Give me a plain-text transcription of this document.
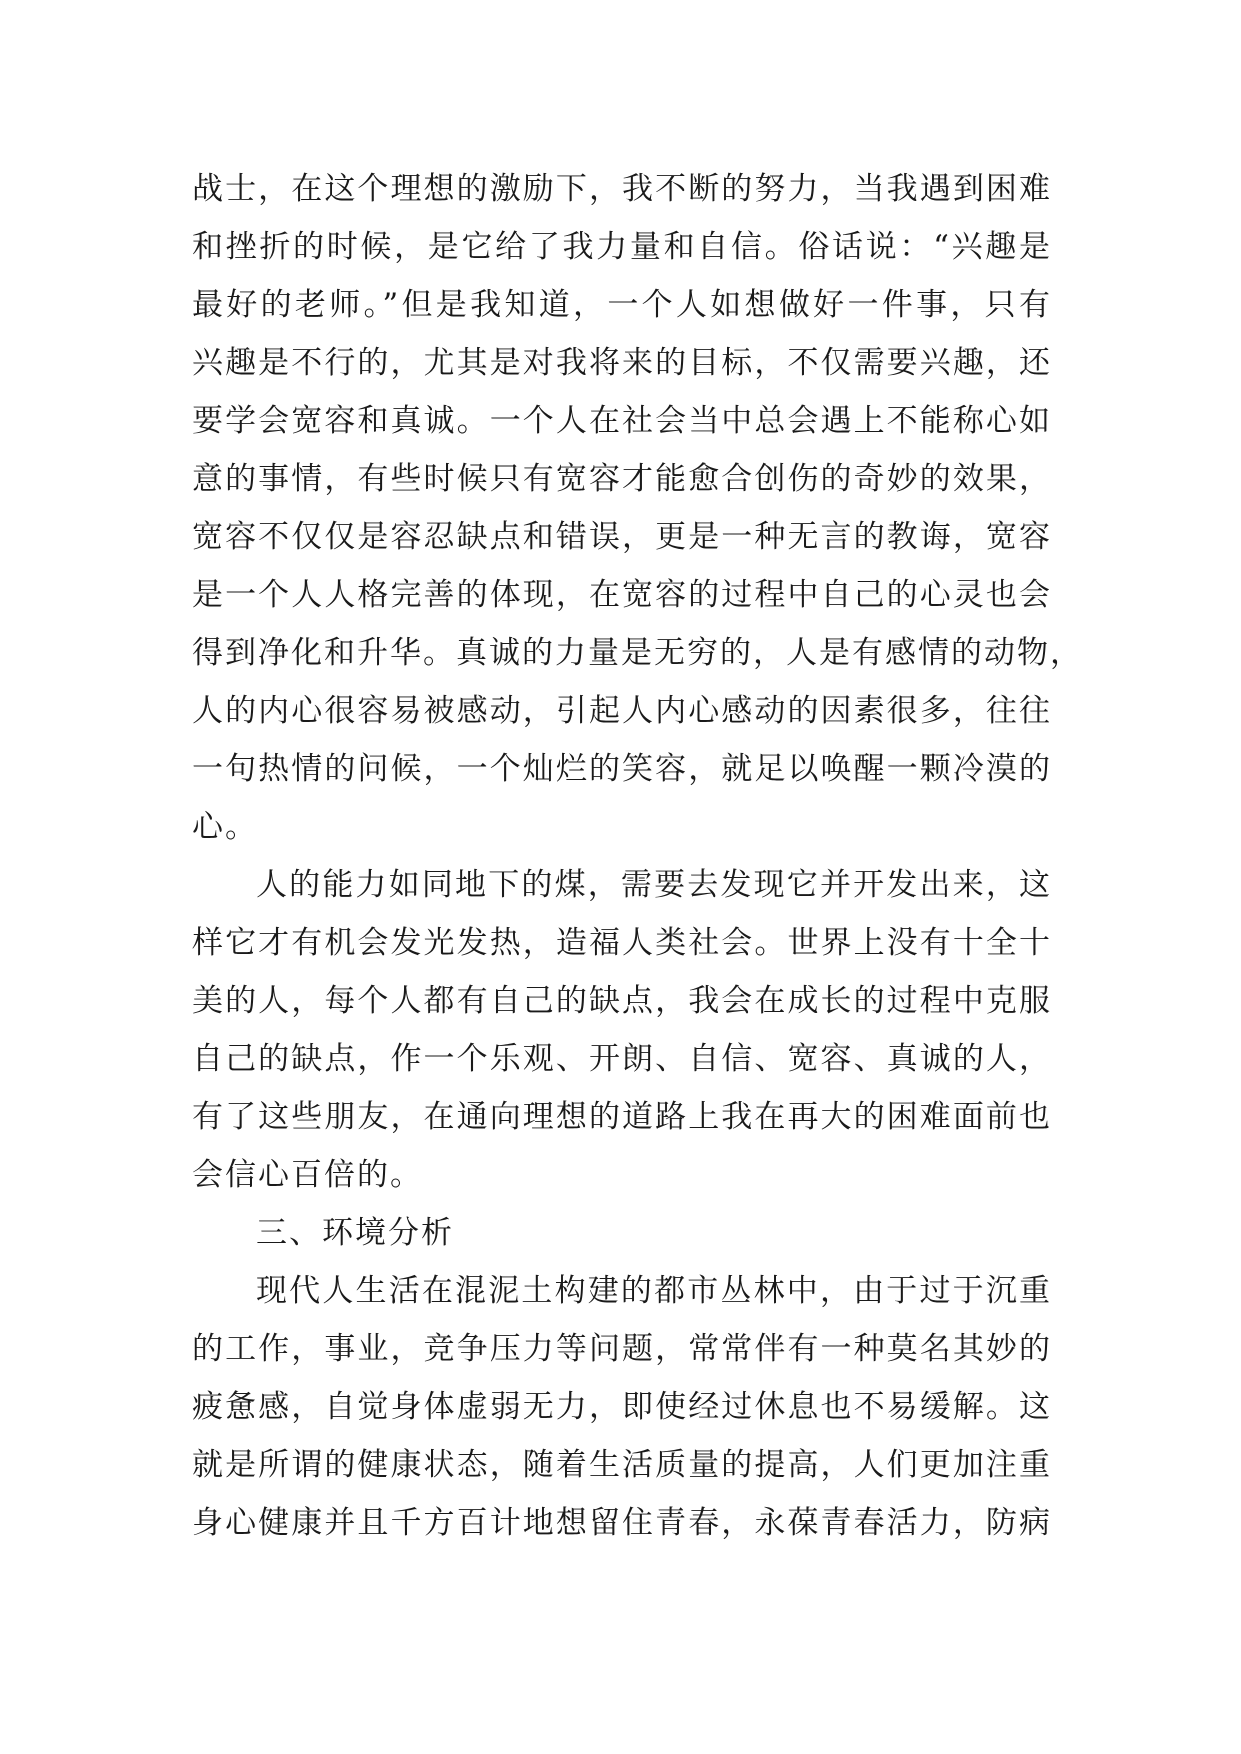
战士，在这个理想的激励下，我不断的努力，当我遇到困难
和挫折的时候，是它给了我力量和自信。俗话说：“兴趣是
最好的老师。”但是我知道，一个人如想做好一件事，只有
兴趣是不行的，尤其是对我将来的目标，不仅需要兴趣，还
要学会宽容和真诚。一个人在社会当中总会遇上不能称心如
意的事情，有些时候只有宽容才能愈合创伤的奇妙的效果，
宽容不仅仅是容忍缺点和错误，更是一种无言的教诲，宽容
是一个人人格完善的体现，在宽容的过程中自己的心灵也会
得到净化和升华。真诚的力量是无穷的，人是有感情的动物，
人的内心很容易被感动，引起人内心感动的因素很多，往往
一句热情的问候，一个灿烂的笑容，就足以唤醒一颗冷漠的
心。
人的能力如同地下的煤，需要去发现它并开发出来，这
样它才有机会发光发热，造福人类社会。世界上没有十全十
美的人，每个人都有自己的缺点，我会在成长的过程中克服
自己的缺点，作一个乐观、开朗、自信、宽容、真诚的人，
有了这些朋友，在通向理想的道路上我在再大的困难面前也
会信心百倍的。
三、环境分析
现代人生活在混泥土构建的都市丛林中，由于过于沉重
的工作，事业，竞争压力等问题，常常伴有一种莫名其妙的
疲惫感，自觉身体虚弱无力，即使经过休息也不易缓解。这
就是所谓的健康状态，随着生活质量的提高，人们更加注重
身心健康并且千方百计地想留住青春，永葆青春活力，防病
